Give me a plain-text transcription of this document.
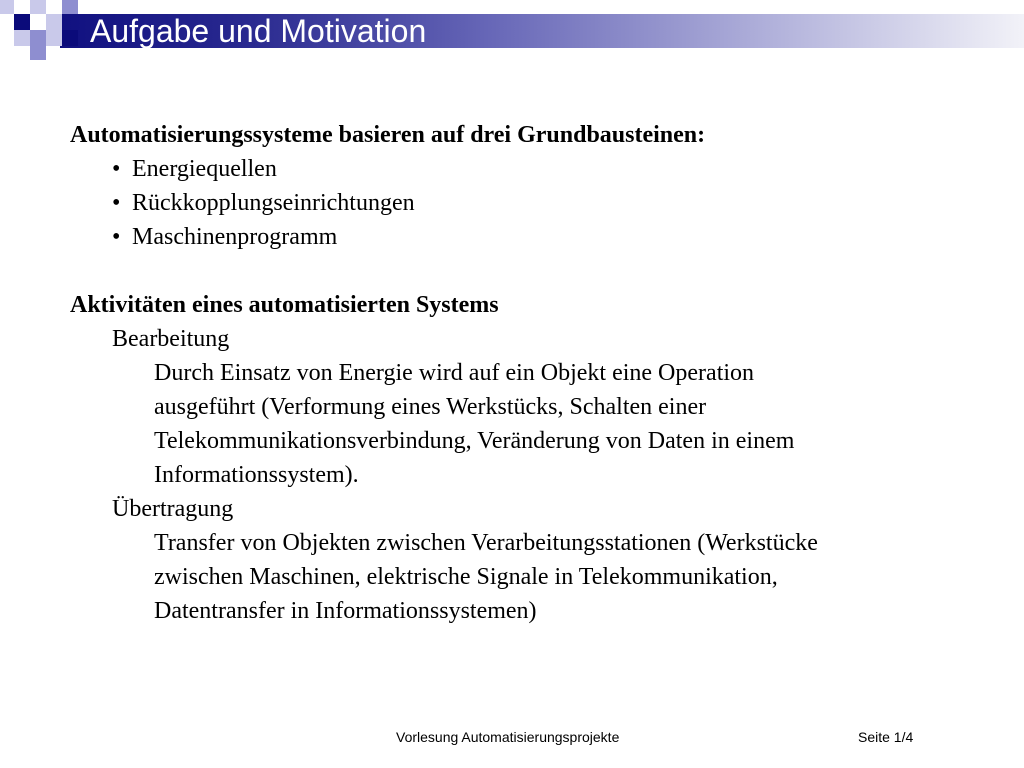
Aufgabe und Motivation

Automatisierungssysteme basieren auf drei Grundbausteinen:

• Energiequellen
• Rückkopplungseinrichtungen
• Maschinenprogramm

Aktivitäten eines automatisierten Systems

Bearbeitung

Durch Einsatz von Energie wird auf ein Objekt eine Operation

ausgeführt (Verformung eines Werkstücks, Schalten einer

Telekommunikationsverbindung, Veränderung von Daten in einem

Informationssystem).

Übertragung

Transfer von Objekten zwischen Verarbeitungsstationen (Werkstücke

zwischen Maschinen, elektrische Signale in Telekommunikation,

Datentransfer in Informationssystemen)

Vorlesung Automatisierungsprojekte	Seite 1/4
